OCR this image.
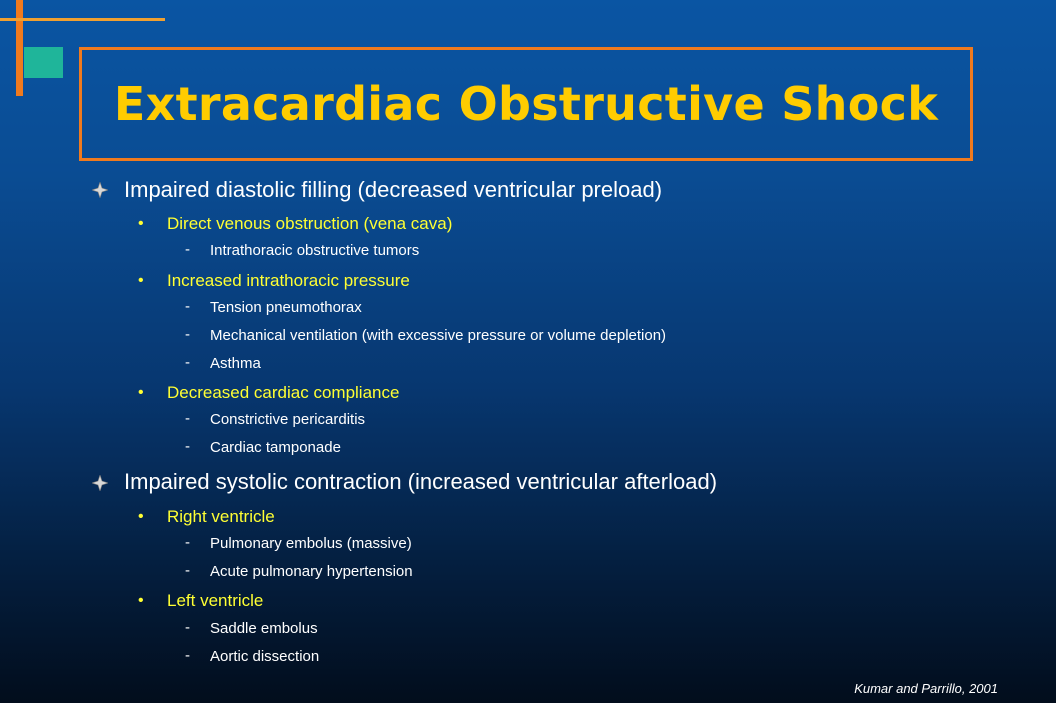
Extracardiac Obstructive Shock
Impaired diastolic filling (decreased ventricular preload)
• Direct venous obstruction (vena cava)
- Intrathoracic obstructive tumors
• Increased intrathoracic pressure
- Tension pneumothorax
- Mechanical ventilation (with excessive pressure or volume depletion)
- Asthma
• Decreased cardiac compliance
- Constrictive pericarditis
- Cardiac tamponade
Impaired systolic contraction (increased ventricular afterload)
• Right ventricle
- Pulmonary embolus (massive)
- Acute pulmonary hypertension
• Left ventricle
- Saddle embolus
- Aortic dissection
Kumar and Parrillo, 2001
